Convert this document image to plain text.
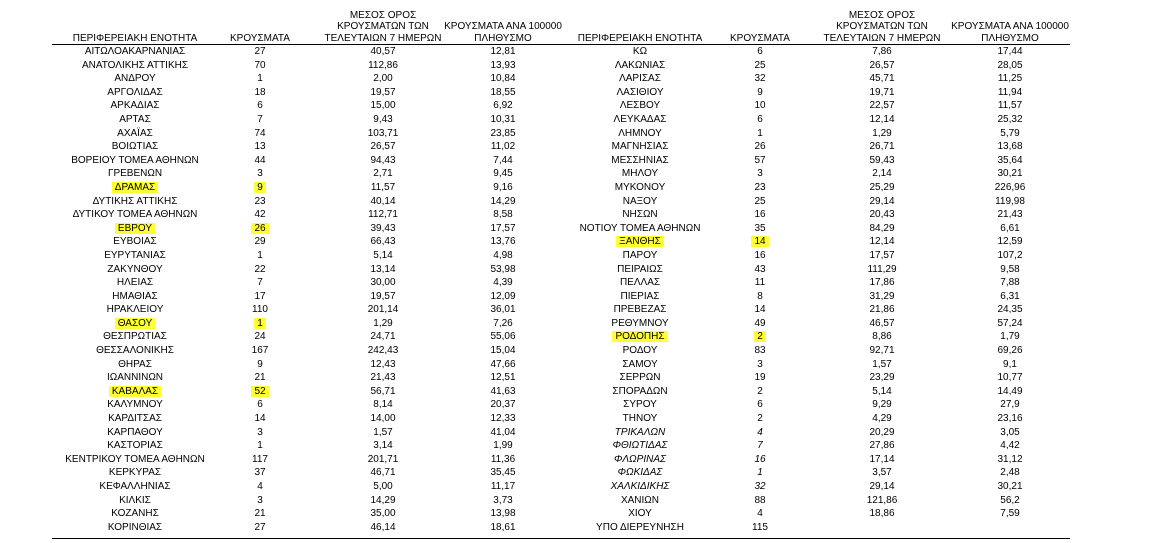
ΠΕΡΙΦΕΡΕΙΑΚΗ ΕΝΟΤΗΤΑ	ΚΡΟΥΣΜΑΤΑ
ΜΕΣΟΣ ΟΡΟΣ
ΚΡΟΥΣΜΑΤΩΝ ΤΩΝ
ΤΕΛΕΥΤΑΙΩΝ 7 ΗΜΕΡΩΝ
ΚΡΟΥΣΜΑΤΑ ΑΝΑ 100000
ΠΛΗΘΥΣΜΟ	ΠΕΡΙΦΕΡΕΙΑΚΗ ΕΝΟΤΗΤΑ	ΚΡΟΥΣΜΑΤΑ
ΜΕΣΟΣ ΟΡΟΣ
ΚΡΟΥΣΜΑΤΩΝ ΤΩΝ
ΤΕΛΕΥΤΑΙΩΝ 7 ΗΜΕΡΩΝ
ΚΡΟΥΣΜΑΤΑ ΑΝΑ 100000
ΠΛΗΘΥΣΜΟ
ΑΙΤΩΛΟΑΚΑΡΝΑΝΙΑΣ	27	40,57	12,81
ΑΝΑΤΟΛΙΚΗΣ ΑΤΤΙΚΗΣ	70	112,86	13,93
ΑΝΔΡΟΥ	1	2,00	10,84
ΑΡΓΟΛΙΔΑΣ	18	19,57	18,55
ΑΡΚΑΔΙΑΣ	6	15,00	6,92
ΑΡΤΑΣ	7	9,43	10,31
ΑΧΑΪΑΣ	74	103,71	23,85
ΒΟΙΩΤΙΑΣ	13	26,57	11,02
ΒΟΡΕΙΟΥ ΤΟΜΕΑ ΑΘΗΝΩΝ	44	94,43	7,44
ΓΡΕΒΕΝΩΝ	3	2,71	9,45
ΔΡΑΜΑΣ	9	11,57	9,16
ΔΥΤΙΚΗΣ ΑΤΤΙΚΗΣ	23	40,14	14,29
ΔΥΤΙΚΟΥ ΤΟΜΕΑ ΑΘΗΝΩΝ	42	112,71	8,58
ΕΒΡΟΥ	26	39,43	17,57
ΕΥΒΟΙΑΣ	29	66,43	13,76
ΕΥΡΥΤΑΝΙΑΣ	1	5,14	4,98
ΖΑΚΥΝΘΟΥ	22	13,14	53,98
ΗΛΕΙΑΣ	7	30,00	4,39
ΗΜΑΘΙΑΣ	17	19,57	12,09
ΗΡΑΚΛΕΙΟΥ	110	201,14	36,01
ΘΑΣΟΥ	1	1,29	7,26
ΘΕΣΠΡΩΤΙΑΣ	24	24,71	55,06
ΘΕΣΣΑΛΟΝΙΚΗΣ	167	242,43	15,04
ΘΗΡΑΣ	9	12,43	47,66
ΙΩΑΝΝΙΝΩΝ	21	21,43	12,51
ΚΑΒΑΛΑΣ	52	56,71	41,63
ΚΑΛΥΜΝΟΥ	6	8,14	20,37
ΚΑΡΔΙΤΣΑΣ	14	14,00	12,33
ΚΑΡΠΑΘΟΥ	3	1,57	41,04
ΚΑΣΤΟΡΙΑΣ	1	3,14	1,99
ΚΕΝΤΡΙΚΟΥ ΤΟΜΕΑ ΑΘΗΝΩΝ	117	201,71	11,36
ΚΕΡΚΥΡΑΣ	37	46,71	35,45
ΚΕΦΑΛΛΗΝΙΑΣ	4	5,00	11,17
ΚΙΛΚΙΣ	3	14,29	3,73
ΚΟΖΑΝΗΣ	21	35,00	13,98
ΚΟΡΙΝΘΙΑΣ	27	46,14	18,61
ΚΩ	6	7,86	17,44
ΛΑΚΩΝΙΑΣ	25	26,57	28,05
ΛΑΡΙΣΑΣ	32	45,71	11,25
ΛΑΣΙΘΙΟΥ	9	19,71	11,94
ΛΕΣΒΟΥ	10	22,57	11,57
ΛΕΥΚΑΔΑΣ	6	12,14	25,32
ΛΗΜΝΟΥ	1	1,29	5,79
ΜΑΓΝΗΣΙΑΣ	26	26,71	13,68
ΜΕΣΣΗΝΙΑΣ	57	59,43	35,64
ΜΗΛΟΥ	3	2,14	30,21
ΜΥΚΟΝΟΥ	23	25,29	226,96
ΝΑΞΟΥ	25	29,14	119,98
ΝΗΣΩΝ	16	20,43	21,43
ΝΟΤΙΟΥ ΤΟΜΕΑ ΑΘΗΝΩΝ	35	84,29	6,61
ΞΑΝΘΗΣ	14	12,14	12,59
ΠΑΡΟΥ	16	17,57	107,2
ΠΕΙΡΑΙΩΣ	43	111,29	9,58
ΠΕΛΛΑΣ	11	17,86	7,88
ΠΙΕΡΙΑΣ	8	31,29	6,31
ΠΡΕΒΕΖΑΣ	14	21,86	24,35
ΡΕΘΥΜΝΟΥ	49	46,57	57,24
ΡΟΔΟΠΗΣ	2	8,86	1,79
ΡΟΔΟΥ	83	92,71	69,26
ΣΑΜΟΥ	3	1,57	9,1
ΣΕΡΡΩΝ	19	23,29	10,77
ΣΠΟΡΑΔΩΝ	2	5,14	14,49
ΣΥΡΟΥ	6	9,29	27,9
ΤΗΝΟΥ	2	4,29	23,16
ΤΡΙΚΑΛΩΝ	4	20,29	3,05
ΦΘΙΩΤΙΔΑΣ	7	27,86	4,42
ΦΛΩΡΙΝΑΣ	16	17,14	31,12
ΦΩΚΙΔΑΣ	1	3,57	2,48
ΧΑΛΚΙΔΙΚΗΣ	32	29,14	30,21
ΧΑΝΙΩΝ	88	121,86	56,2
ΧΙΟΥ	4	18,86	7,59
ΥΠΟ ΔΙΕΡΕΥΝΗΣΗ	115
